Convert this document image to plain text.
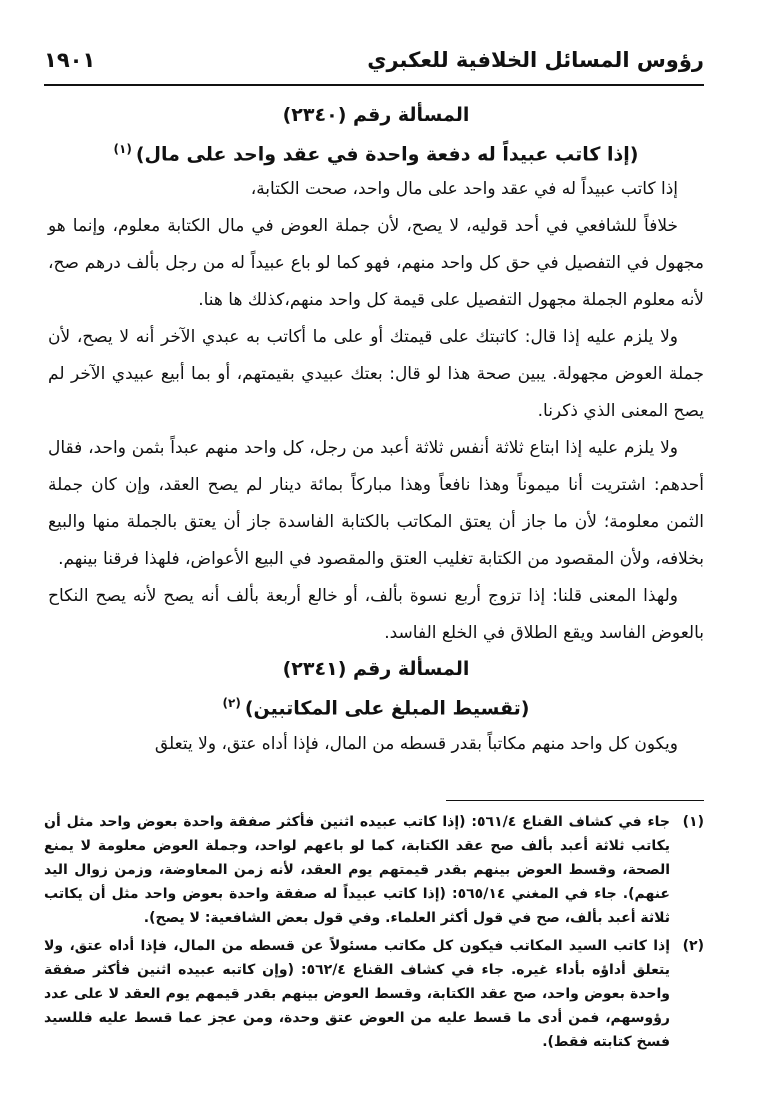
رؤوس المسائل الخلافية للعكبري
١٩٠١
المسألة رقم (٢٣٤٠)
(إذا كاتب عبيداً له دفعة واحدة في عقد واحد على مال)$^{(١)}$

إذا كاتب عبيداً له في عقد واحد على مال واحد، صحت الكتابة،

خلافاً للشافعي في أحد قوليه، لا يصح، لأن جملة العوض في مال الكتابة معلوم، وإنما هو مجهول في التفصيل في حق كل واحد منهم، فهو كما لو باع عبيداً له من رجل بألف درهم صح، لأنه معلوم الجملة مجهول التفصيل على قيمة كل واحد منهم،كذلك ها هنا.

ولا يلزم عليه إذا قال: كاتبتك على قيمتك أو على ما أكاتب به عبدي الآخر أنه لا يصح، لأن جملة العوض مجهولة. يبين صحة هذا لو قال: بعتك عبيدي بقيمتهم، أو بما أبيع عبيدي الآخر لم يصح المعنى الذي ذكرنا.

ولا يلزم عليه إذا ابتاع ثلاثة أنفس ثلاثة أعبد من رجل، كل واحد منهم عبداً بثمن واحد، فقال أحدهم: اشتريت أنا ميموناً وهذا نافعاً وهذا مباركاً بمائة دينار لم يصح العقد، وإن كان جملة الثمن معلومة؛ لأن ما جاز أن يعتق المكاتب بالكتابة الفاسدة جاز أن يعتق بالجملة منها والبيع بخلافه، ولأن المقصود من الكتابة تغليب العتق والمقصود في البيع الأعواض، فلهذا فرقنا بينهم.

ولهذا المعنى قلنا: إذا تزوج أربع نسوة بألف، أو خالع أربعة بألف أنه يصح لأنه يصح النكاح بالعوض الفاسد ويقع الطلاق في الخلع الفاسد.

المسألة رقم (٢٣٤١)
(تقسيط المبلغ على المكاتبين)$^{(٢)}$

ويكون كل واحد منهم مكاتباً بقدر قسطه من المال، فإذا أداه عتق، ولا يتعلق

(١)
جاء في كشاف القناع ٥٦١/٤: (إذا كاتب عبيده اثنين فأكثر صفقة واحدة بعوض واحد مثل أن يكاتب ثلاثة أعبد بألف صح عقد الكتابة، كما لو باعهم لواحد، وجملة العوض معلومة لا يمنع الصحة، وقسط العوض بينهم بقدر قيمتهم يوم العقد، لأنه زمن المعاوضة، وزمن زوال اليد عنهم). جاء في المغني ٥٦٥/١٤: (إذا كاتب عبيداً له صفقة واحدة بعوض واحد مثل أن يكاتب ثلاثة أعبد بألف، صح في قول أكثر العلماء. وفي قول بعض الشافعية: لا يصح).
(٢)
إذا كاتب السيد المكاتب فيكون كل مكاتب مسئولاً عن قسطه من المال، فإذا أداه عتق، ولا يتعلق أداؤه بأداء غيره. جاء في كشاف القناع ٥٦٢/٤: (وإن كاتبه عبيده اثنين فأكثر صفقة واحدة بعوض واحد، صح عقد الكتابة، وقسط العوض بينهم بقدر قيمهم يوم العقد لا على عدد رؤوسهم، فمن أدى ما قسط عليه من العوض عتق وحدة، ومن عجز عما قسط عليه فللسيد فسخ كتابته فقط).
